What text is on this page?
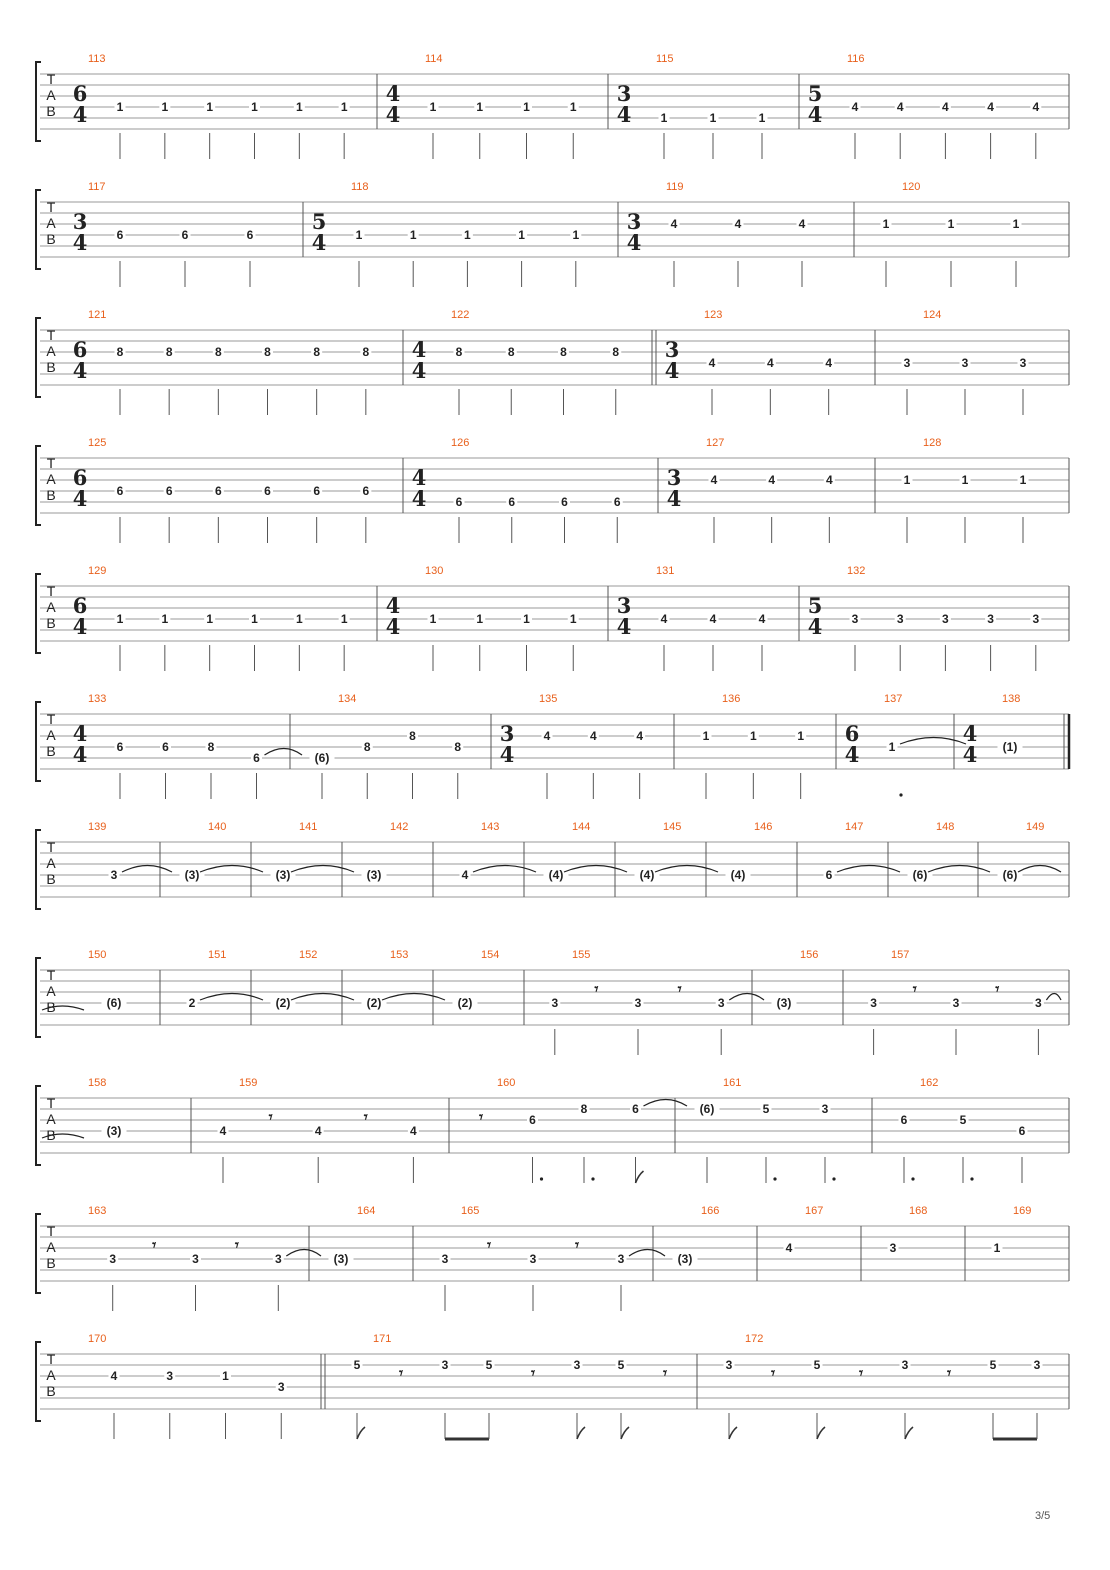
T
A
B
113
6
4 1	1	1	1	1	1
114
4
4 1	1	1	1
115
3
4 1	1	1
116
5
4 4	4	4	4	4
T
A
B
117
3
4 6	6	6
118
5
4 1	1	1	1	1
119
3
4
4	4	4
120
1	1	1
T
A
B
121
6
4
8	8	8	8	8	8
122
4
4
8	8	8	8
123
3
4 4	4	4
124
3	3	3
T
A
B
125
6
4 6	6	6	6	6	6
126
4
4 6	6	6	6
127
3
4
4	4	4
128
1	1	1
T
A
B
129
6
4 1	1	1	1	1	1
130
4
4 1	1	1	1
131
3
4 4	4	4
132
5
4 3	3	3	3	3
T
A
B
133
4
4 6	6	8
6
134
(6)
8
8
8
135
3
4
4	4	4
136
1	1	1
137
6
4 1
138
4
4 (1)
T
A
B
139
3
140
(3)
141
(3)
142
(3)
143
4
144
(4)
145
(4)
146
(4)
147
6
148
(6)
149
(6)
T
A
B
150
(6)
151
2
152
(2)
153
(2)
154
(2)
155
3
𝄾
3
𝄾
3
156
(3)
157
3
𝄾
3
𝄾
3
T
A
B
158
(3)
159
4
𝄾
4
𝄾
4
160
𝄾	6
8	6
161
(6)	5	3
162
6	5
6
T
A
B
163
3
𝄾
3
𝄾
3
164
(3)
165
3
𝄾
3
𝄾
3
166
(3)
167
4
168
3
169
1
T
A
B
170
4	3	1
3
171
5	𝄾	3	5	𝄾	3	5	𝄾
172
3	𝄾	5	𝄾	3	𝄾	5	3
3/5
